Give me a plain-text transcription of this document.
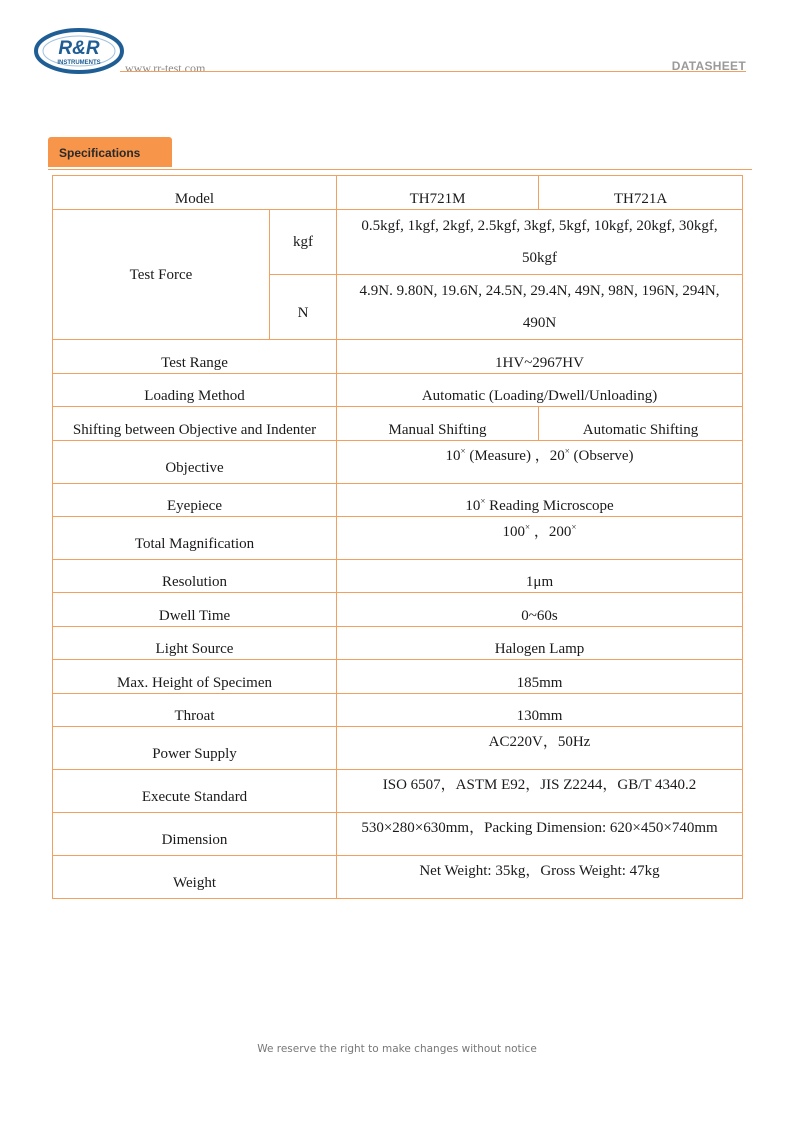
R&R
INSTRUMENTS www.rr-test.com	DATASHEET
Specifications
Model		TH721M	TH721A
Test Force	kgf	0.5kgf, 1kgf, 2kgf, 2.5kgf, 3kgf, 5kgf, 10kgf, 20kgf, 30kgf,
50kgf	

	N	4.9N. 9.80N, 19.6N, 24.5N, 29.4N, 49N, 98N, 196N, 294N,
490N	

Test Range		1HV~2967HV	
Loading Method		Automatic (Loading/Dwell/Unloading)	
Shifting between Objective and Indenter		Manual Shifting	Automatic Shifting
Objective		10× (Measure) ，20× (Observe)	
Eyepiece		10× Reading Microscope	
Total Magnification		100× ，200×
Resolution		1μm	
Dwell Time		0~60s	
Light Source		Halogen Lamp	
Max. Height of Specimen		185mm	
Throat		130mm	
Power Supply		AC220V，50Hz	
Execute Standard		ISO 6507，ASTM E92，JIS Z2244，GB/T 4340.2	
Dimension		530×280×630mm，Packing Dimension: 620×450×740mm	
Weight		Net Weight: 35kg，Gross Weight: 47kg	
We reserve the right to make changes without notice
